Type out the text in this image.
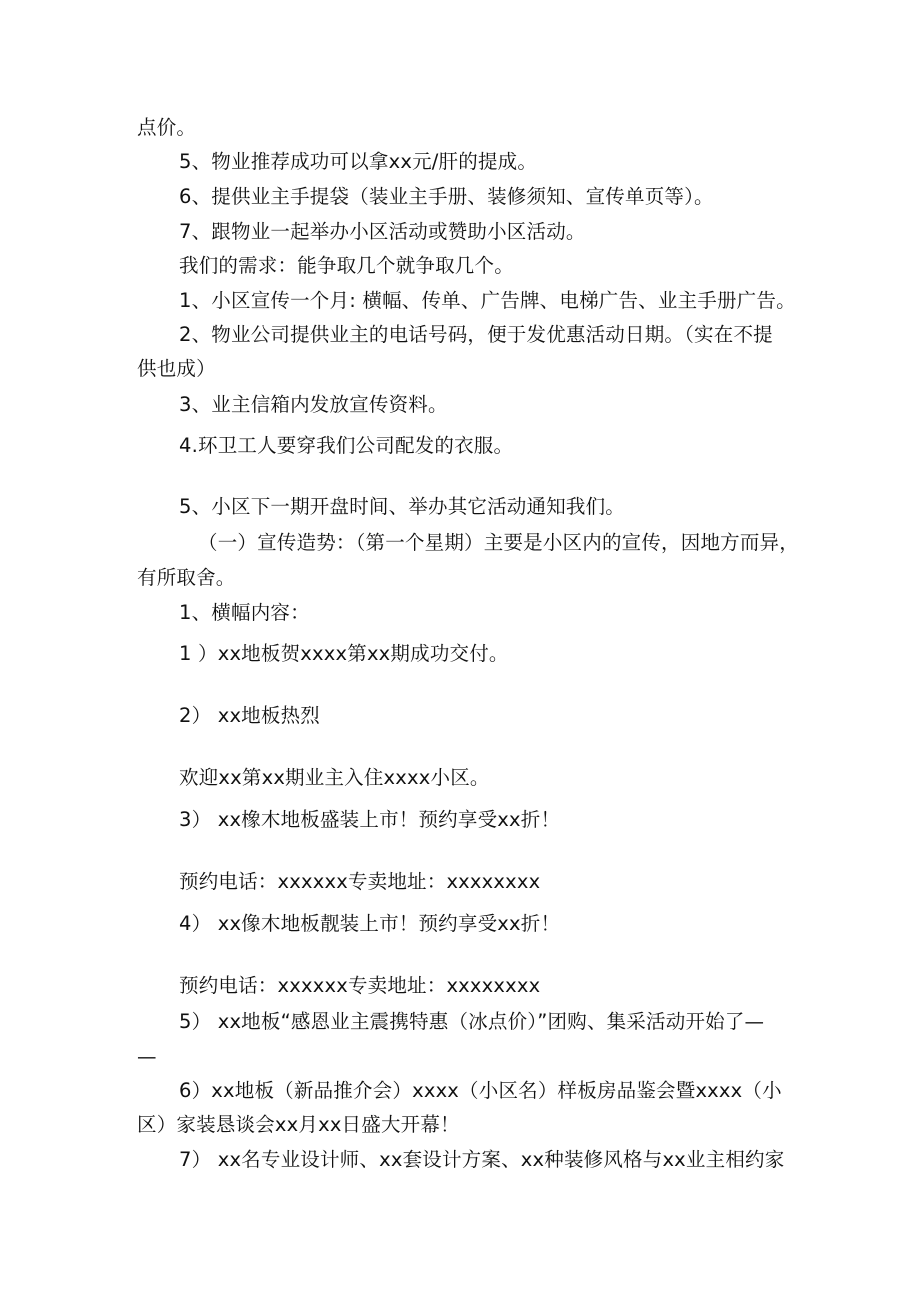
点价。
5、物业推荐成功可以拿xx元/肝的提成。
6、提供业主手提袋（装业主手册、装修须知、宣传单页等）。
7、跟物业一起举办小区活动或赞助小区活动。
我们的需求：能争取几个就争取几个。
1、小区宣传一个月: 横幅、传单、广告牌、电梯广告、业主手册广告。
2、物业公司提供业主的电话号码，便于发优惠活动日期。（实在不提
供也成）
3、业主信箱内发放宣传资料。
4.环卫工人要穿我们公司配发的衣服。
5、小区下一期开盘时间、举办其它活动通知我们。
（一）宣传造势：（第一个星期）主要是小区内的宣传，因地方而异，
有所取舍。
1、横幅内容：
1 ）xx地板贺xxxx第xx期成功交付。
2） xx地板热烈
欢迎xx第xx期业主入住xxxx小区。
3） xx橡木地板盛装上市！预约享受xx折！
预约电话：xxxxxx专卖地址：xxxxxxxx
4） xx像木地板靓装上市！预约享受xx折！
预约电话：xxxxxx专卖地址：xxxxxxxx
5） xx地板“感恩业主震携特惠（冰点价）”团购、集采活动开始了—
—
6）xx地板（新品推介会）xxxx（小区名）样板房品鉴会暨xxxx（小
区）家装恳谈会xx月xx日盛大开幕！
7） xx名专业设计师、xx套设计方案、xx种装修风格与xx业主相约家
